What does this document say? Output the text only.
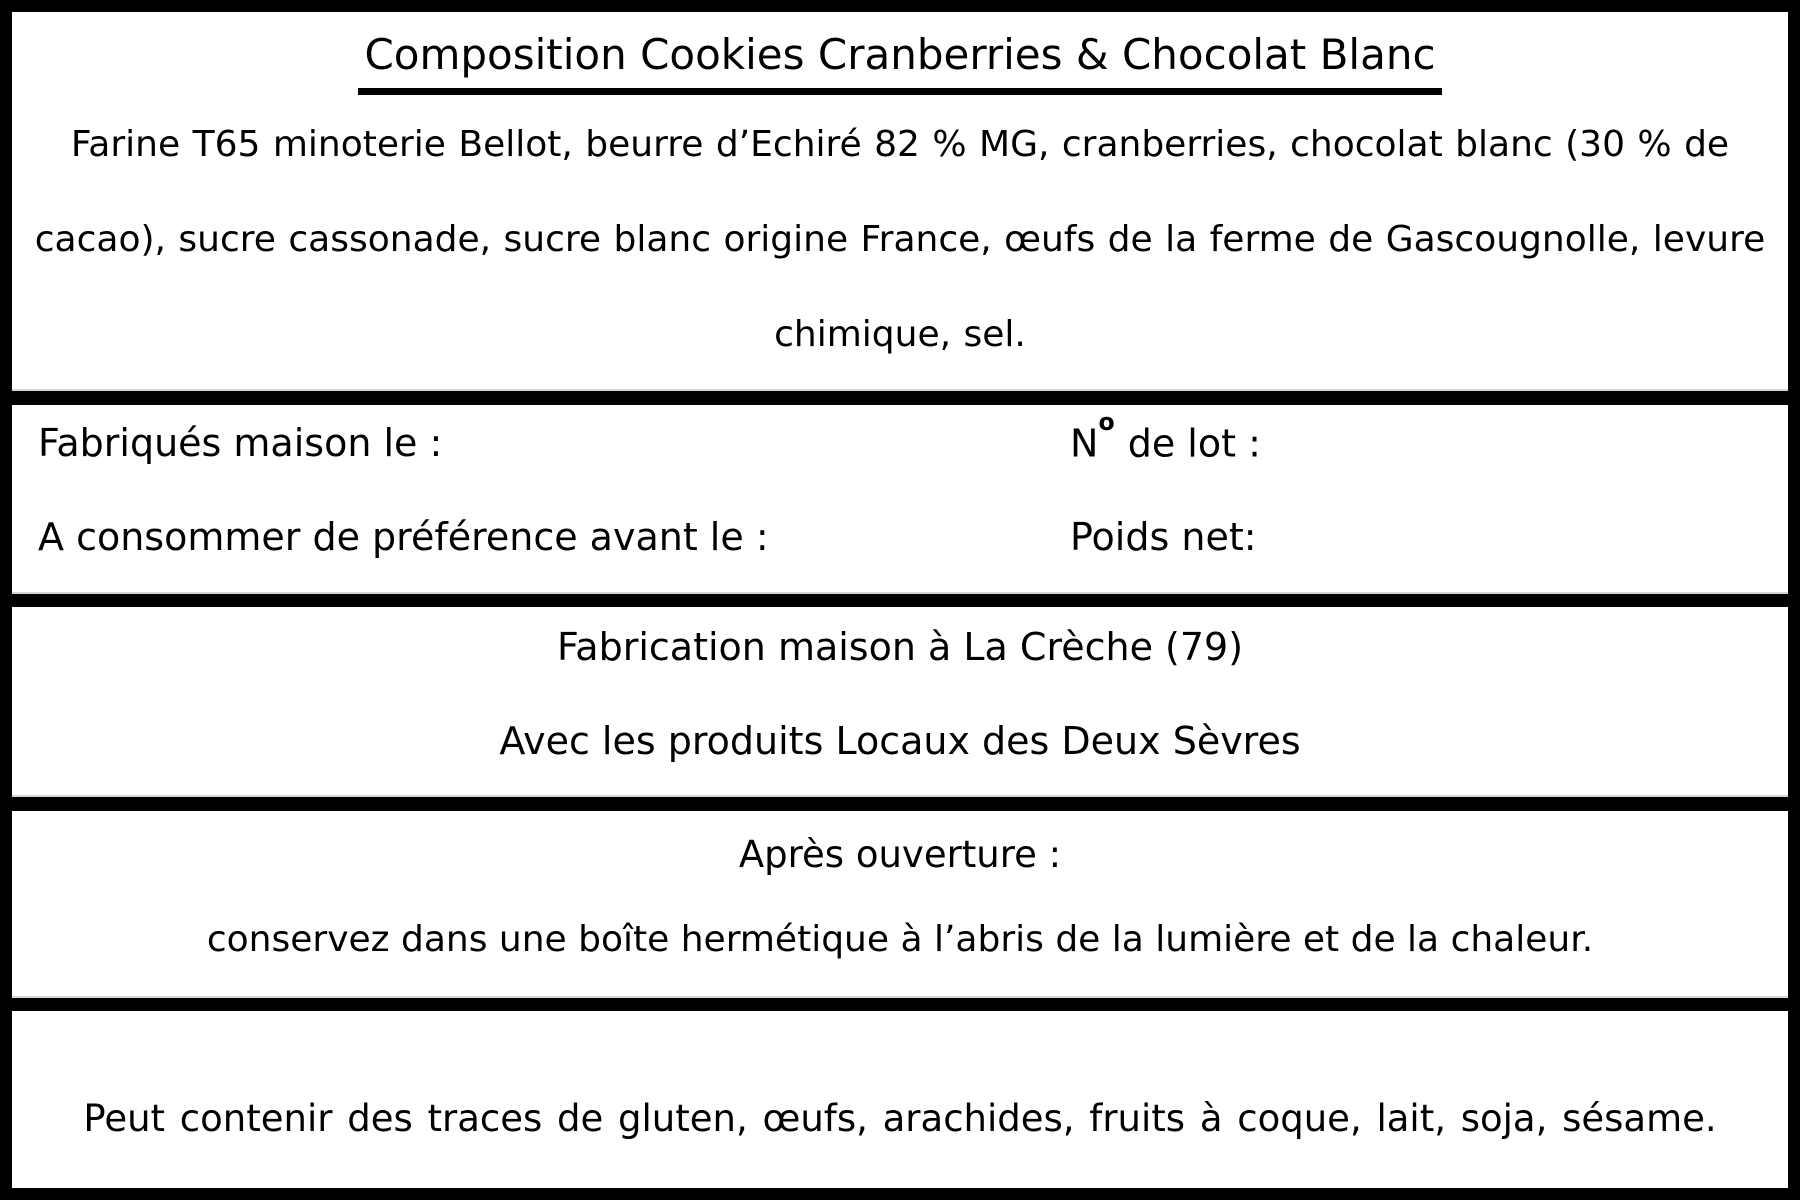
Composition Cookies Cranberries & Chocolat Blanc
Farine T65 minoterie Bellot, beurre d’Echiré 82 % MG, cranberries, chocolat blanc (30 % de
cacao), sucre cassonade, sucre blanc origine France, œufs de la ferme de Gascougnolle, levure
chimique, sel.
Fabriqués maison le :	$N^o$ de lot :
A consommer de préférence avant le :	Poids net:
Fabrication maison à La Crèche (79)
Avec les produits Locaux des Deux Sèvres
Après ouverture :
conservez dans une boîte hermétique à l’abris de la lumière et de la chaleur.
Peut contenir des traces de gluten, œufs, arachides, fruits à coque, lait, soja, sésame.
